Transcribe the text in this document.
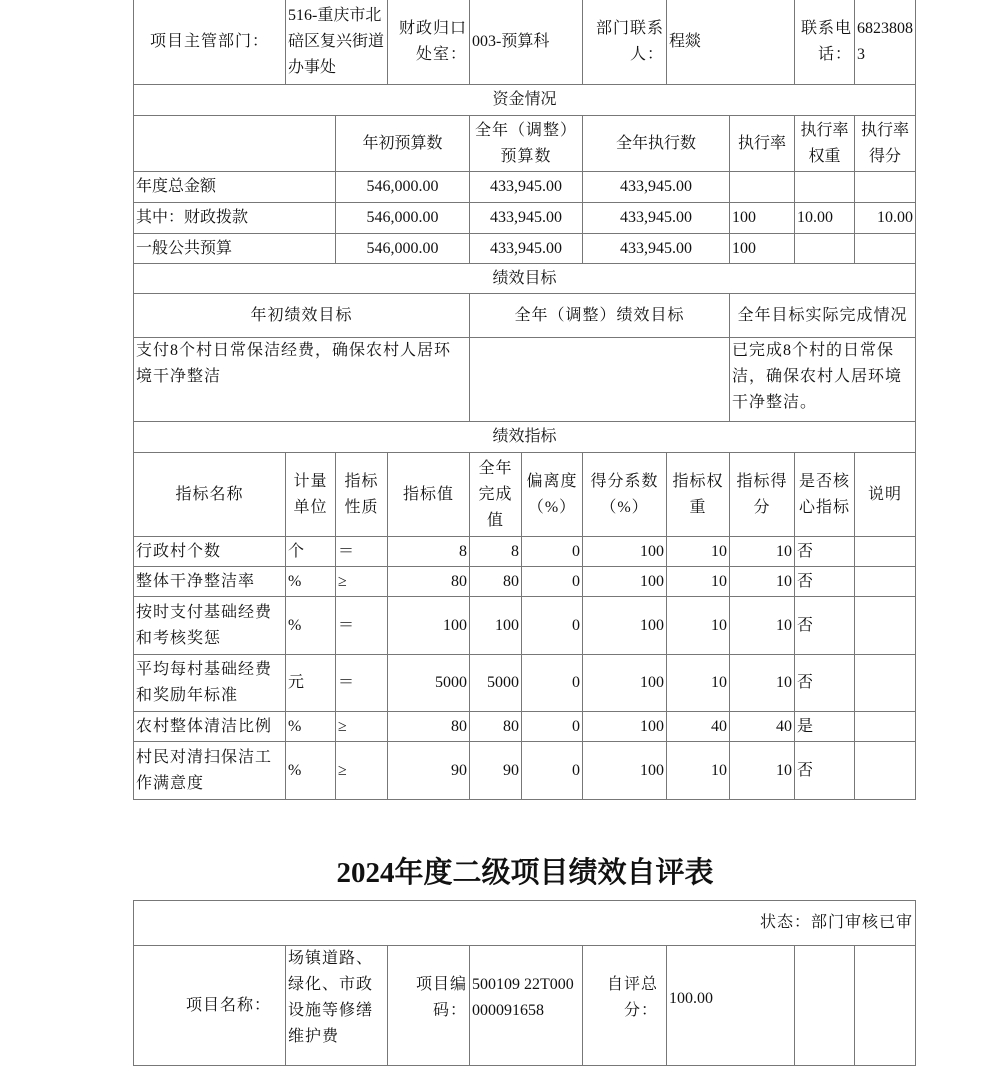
项目主管部门：	516-重庆市北碚区复兴街道办事处		财政归口处室：	003-预算科		部门联系人：	程燚		联系电话：	68238083
资金情况										
		年初预算数		全年（调整）预算数		全年执行数		执行率	执行率权重	执行率得分
年度总金额		546,000.00		433,945.00		433,945.00				
其中：财政拨款		546,000.00		433,945.00		433,945.00		100	10.00	10.00
一般公共预算		546,000.00		433,945.00		433,945.00		100		
绩效目标										
年初绩效目标				全年（调整）绩效目标				全年目标实际完成情况		
支付8个村日常保洁经费，确保农村人居环境干净整洁								已完成8个村的日常保洁，确保农村人居环境干净整洁。		
绩效指标										
指标名称	计量单位	指标性质	指标值	全年完成值	偏离度（%）	得分系数（%）	指标权重	指标得分	是否核心指标	说明
行政村个数	个	＝	8	8	0	100	10	10	否	
整体干净整洁率	%	≥	80	80	0	100	10	10	否	
按时支付基础经费和考核奖惩	%	＝	100	100	0	100	10	10	否	
平均每村基础经费和奖励年标准	元	＝	5000	5000	0	100	10	10	否	
农村整体清洁比例	%	≥	80	80	0	100	40	40	是	
村民对清扫保洁工作满意度	%	≥	90	90	0	100	10	10	否	
2024年度二级项目绩效自评表
状态：部门审核已审
项目名称：	场镇道路、绿化、市政设施等修缮维护费	项目编码：	500109 22T000000091658	自评总分：	100.00		
